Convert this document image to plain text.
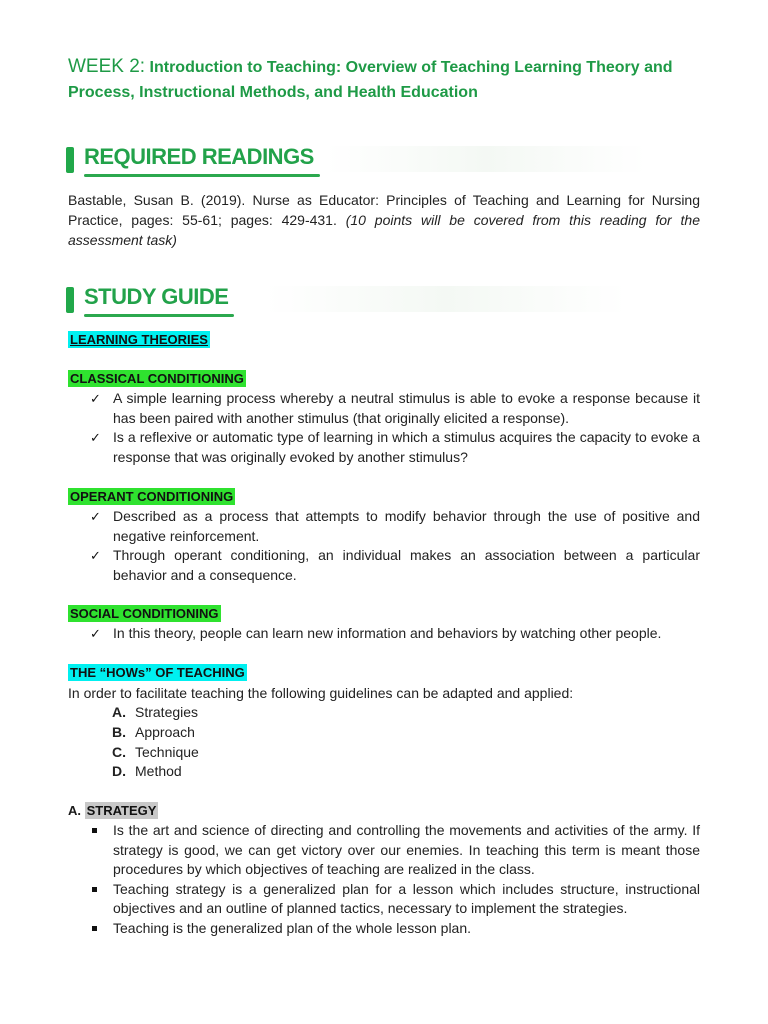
WEEK 2: Introduction to Teaching: Overview of Teaching Learning Theory and Process, Instructional Methods, and Health Education
REQUIRED READINGS
Bastable, Susan B. (2019). Nurse as Educator: Principles of Teaching and Learning for Nursing Practice, pages: 55-61; pages: 429-431. (10 points will be covered from this reading for the assessment task)
STUDY GUIDE
LEARNING THEORIES
CLASSICAL CONDITIONING
✓ A simple learning process whereby a neutral stimulus is able to evoke a response because it has been paired with another stimulus (that originally elicited a response).
✓ Is a reflexive or automatic type of learning in which a stimulus acquires the capacity to evoke a response that was originally evoked by another stimulus?
OPERANT CONDITIONING
✓ Described as a process that attempts to modify behavior through the use of positive and negative reinforcement.
✓ Through operant conditioning, an individual makes an association between a particular behavior and a consequence.
SOCIAL CONDITIONING
✓ In this theory, people can learn new information and behaviors by watching other people.
THE “HOWs” OF TEACHING
In order to facilitate teaching the following guidelines can be adapted and applied:
A. Strategies
B. Approach
C. Technique
D. Method
A. STRATEGY
Is the art and science of directing and controlling the movements and activities of the army. If strategy is good, we can get victory over our enemies. In teaching this term is meant those procedures by which objectives of teaching are realized in the class.
Teaching strategy is a generalized plan for a lesson which includes structure, instructional objectives and an outline of planned tactics, necessary to implement the strategies.
Teaching is the generalized plan of the whole lesson plan.
